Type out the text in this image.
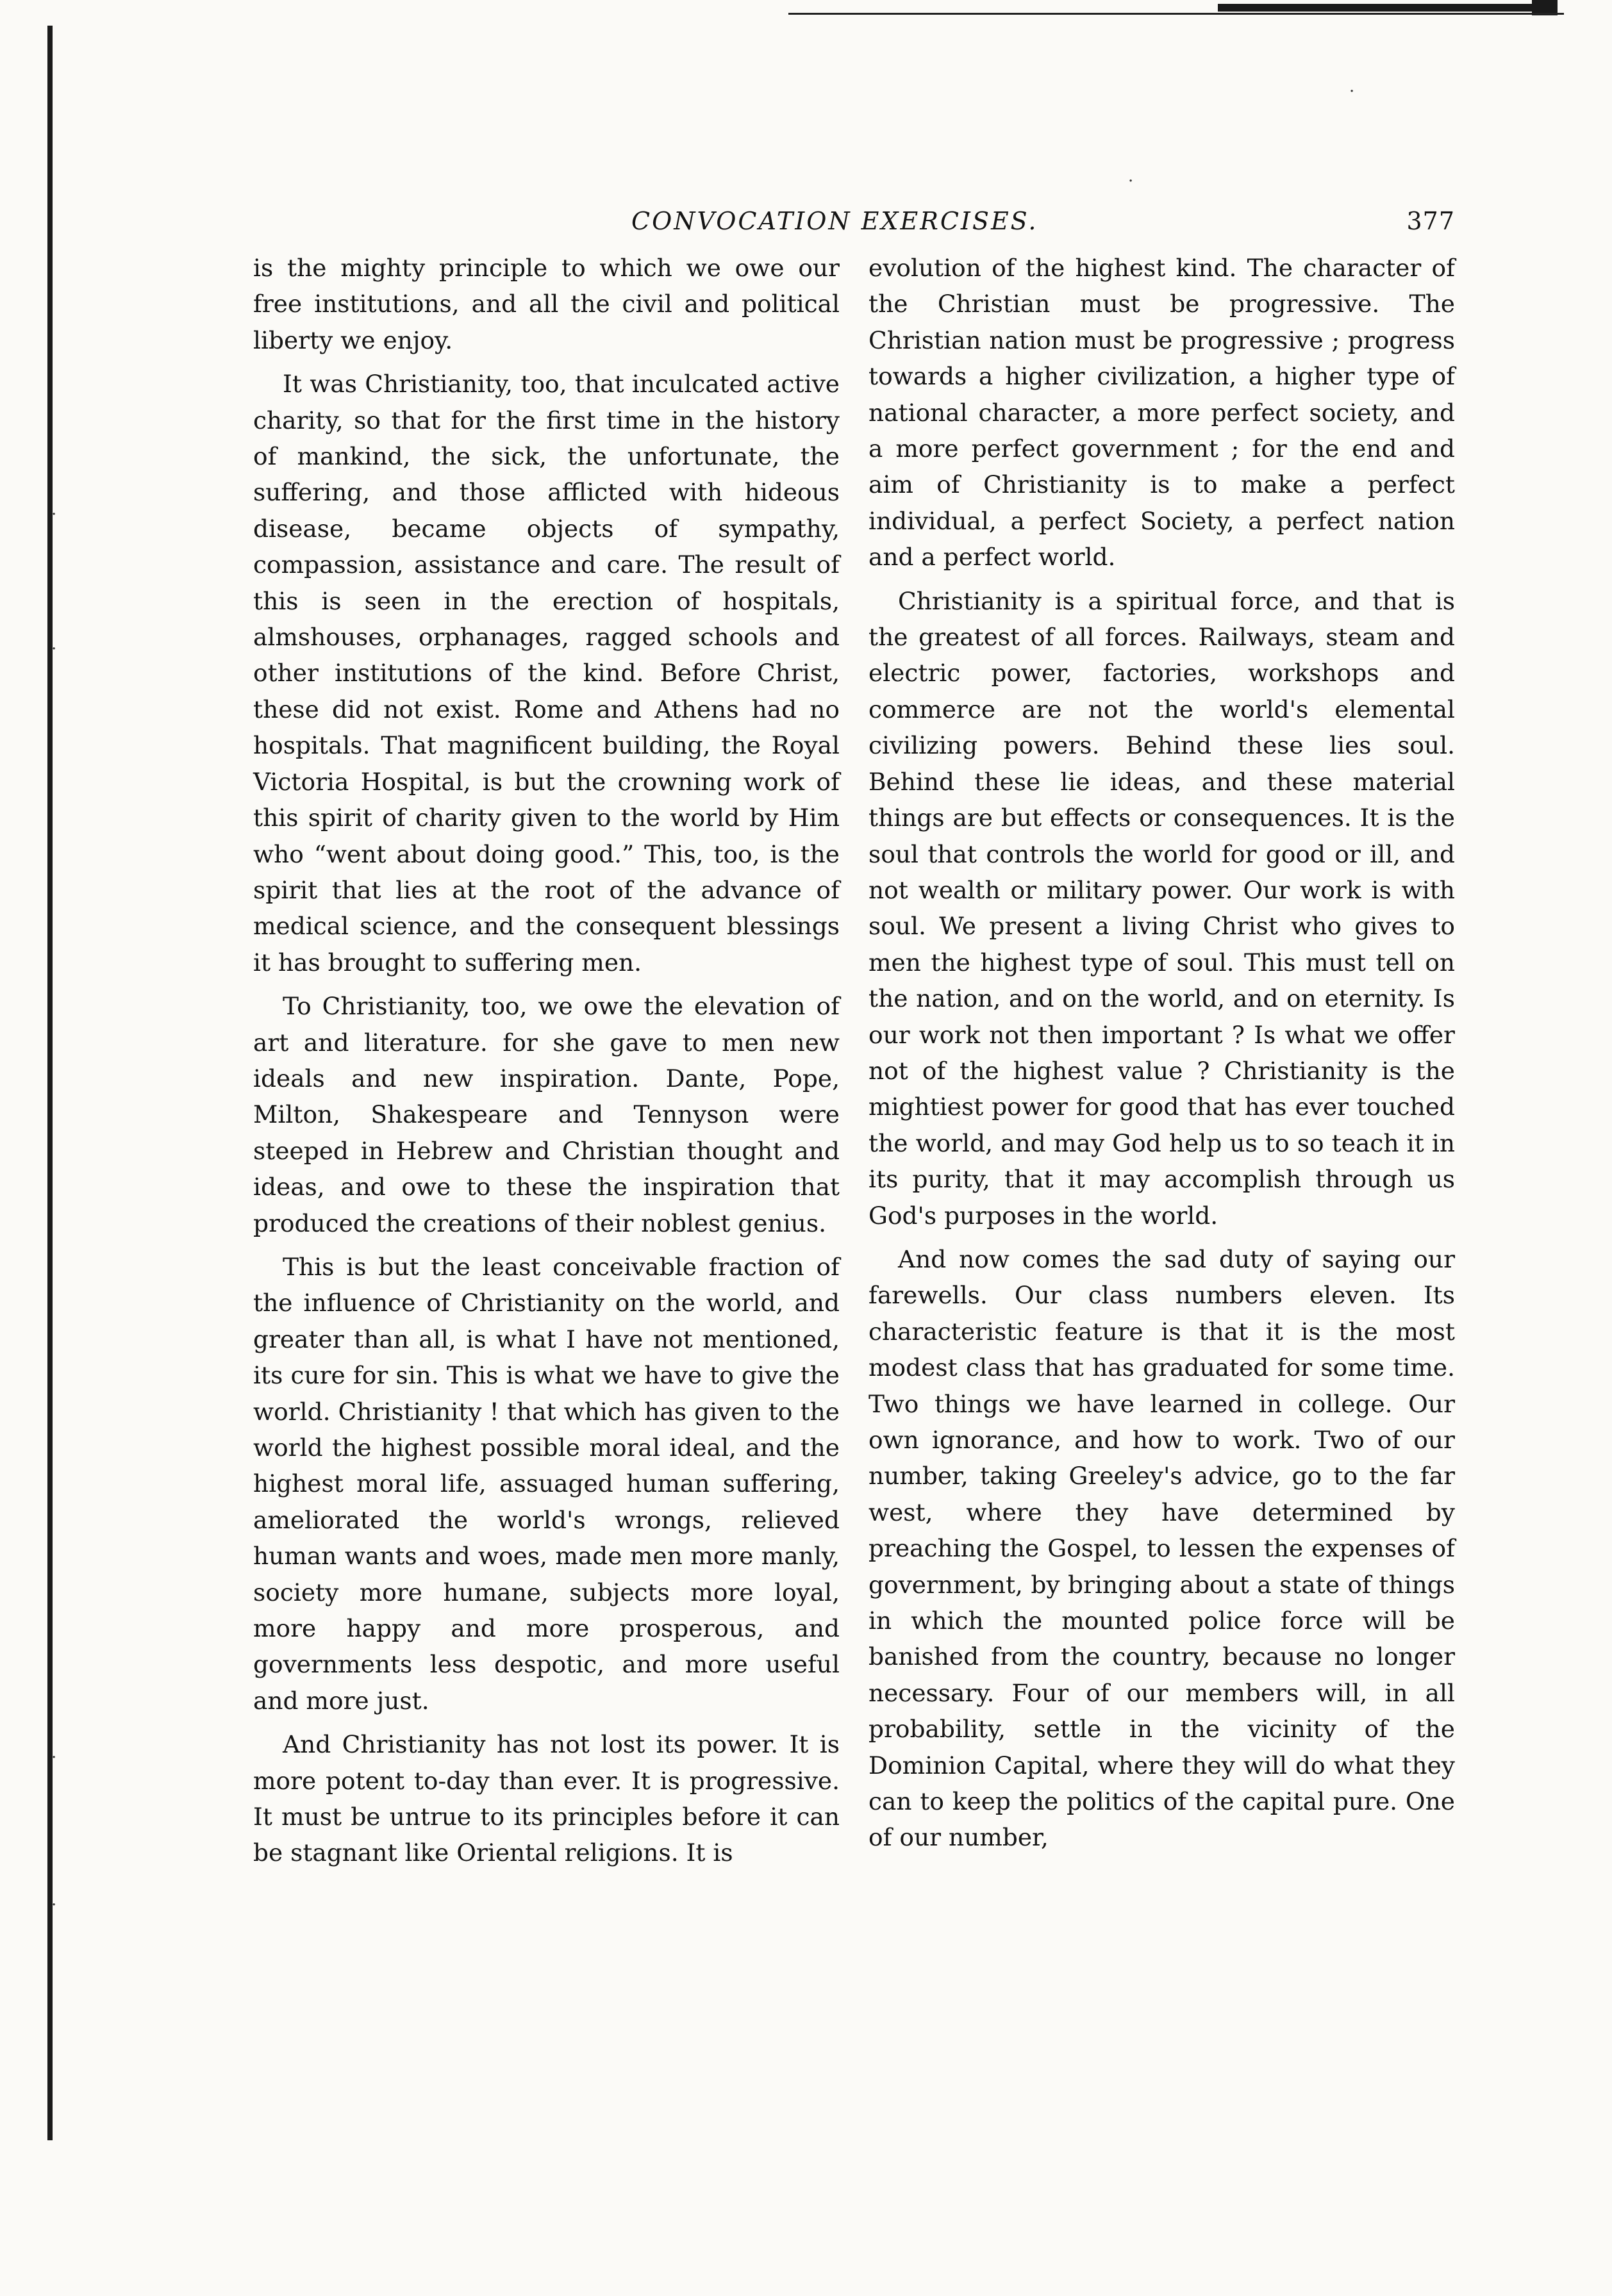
·
·
·
·
·
·
CONVOCATION EXERCISES.	377

is the mighty principle to which we owe our free institutions, and all the civil and political liberty we enjoy.

It was Christianity, too, that inculcated active charity, so that for the first time in the history of mankind, the sick, the unfortunate, the suffering, and those afflicted with hideous disease, became objects of sympathy, compassion, assistance and care. The result of this is seen in the erection of hospitals, almshouses, orphanages, ragged schools and other institutions of the kind. Before Christ, these did not exist. Rome and Athens had no hospitals. That magnificent building, the Royal Victoria Hospital, is but the crowning work of this spirit of charity given to the world by Him who “went about doing good.” This, too, is the spirit that lies at the root of the advance of medical science, and the consequent blessings it has brought to suffering men.

To Christianity, too, we owe the elevation of art and literature. for she gave to men new ideals and new inspiration. Dante, Pope, Milton, Shakespeare and Tennyson were steeped in Hebrew and Christian thought and ideas, and owe to these the inspiration that produced the creations of their noblest genius.

This is but the least conceivable fraction of the influence of Christianity on the world, and greater than all, is what I have not mentioned, its cure for sin. This is what we have to give the world. Christianity ! that which has given to the world the highest possible moral ideal, and the highest moral life, assuaged human suffering, ameliorated the world's wrongs, relieved human wants and woes, made men more manly, society more humane, subjects more loyal, more happy and more prosperous, and governments less despotic, and more useful and more just.

And Christianity has not lost its power. It is more potent to-day than ever. It is progressive. It must be untrue to its principles before it can be stagnant like Oriental religions. It is

evolution of the highest kind. The character of the Christian must be progressive. The Christian nation must be progressive ; progress towards a higher civilization, a higher type of national character, a more perfect society, and a more perfect government ; for the end and aim of Christianity is to make a perfect individual, a perfect Society, a perfect nation and a perfect world.

Christianity is a spiritual force, and that is the greatest of all forces. Railways, steam and electric power, factories, workshops and commerce are not the world's elemental civilizing powers. Behind these lies soul. Behind these lie ideas, and these material things are but effects or consequences. It is the soul that controls the world for good or ill, and not wealth or military power. Our work is with soul. We present a living Christ who gives to men the highest type of soul. This must tell on the nation, and on the world, and on eternity. Is our work not then important ? Is what we offer not of the highest value ? Christianity is the mightiest power for good that has ever touched the world, and may God help us to so teach it in its purity, that it may accomplish through us God's purposes in the world.

And now comes the sad duty of saying our farewells. Our class numbers eleven. Its characteristic feature is that it is the most modest class that has graduated for some time. Two things we have learned in college. Our own ignorance, and how to work. Two of our number, taking Greeley's advice, go to the far west, where they have determined by preaching the Gospel, to lessen the expenses of government, by bringing about a state of things in which the mounted police force will be banished from the country, because no longer necessary. Four of our members will, in all probability, settle in the vicinity of the Dominion Capital, where they will do what they can to keep the politics of the capital pure. One of our number,
